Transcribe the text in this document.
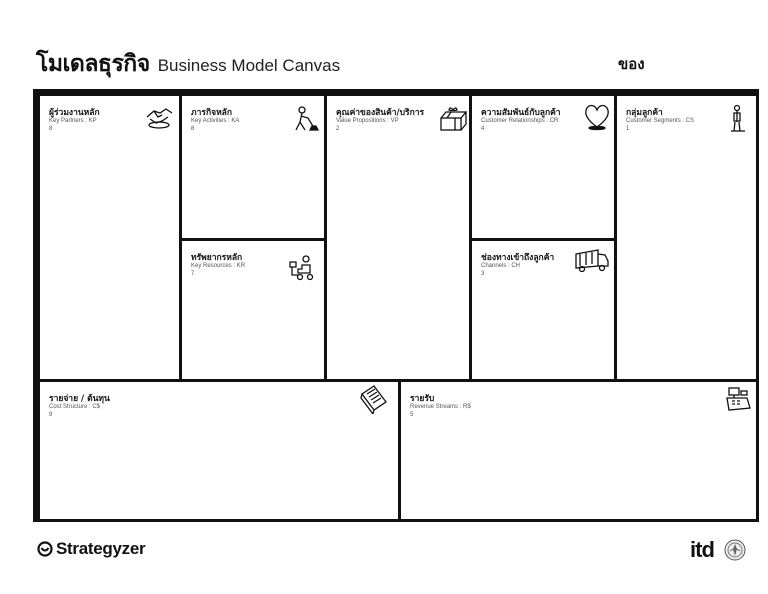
โมเดลธุรกิจ Business Model Canvas	ของ
ผู้ร่วมงานหลัก
Key Partners : KP
8
ภารกิจหลัก
Key Activities : KA
8
ทรัพยากรหลัก
Key Resources : KR
7
คุณค่าของสินค้า/บริการ
Value Propositions : VP
2
ความสัมพันธ์กับลูกค้า
Customer Relationships : CR
4
ช่องทางเข้าถึงลูกค้า
Channels : CH
3
กลุ่มลูกค้า
Customer Segments : CS
1
รายจ่าย / ต้นทุน
Cost Structure : C$
9
รายรับ
Revenue Streams : R$
5
Strategyzer	itd
